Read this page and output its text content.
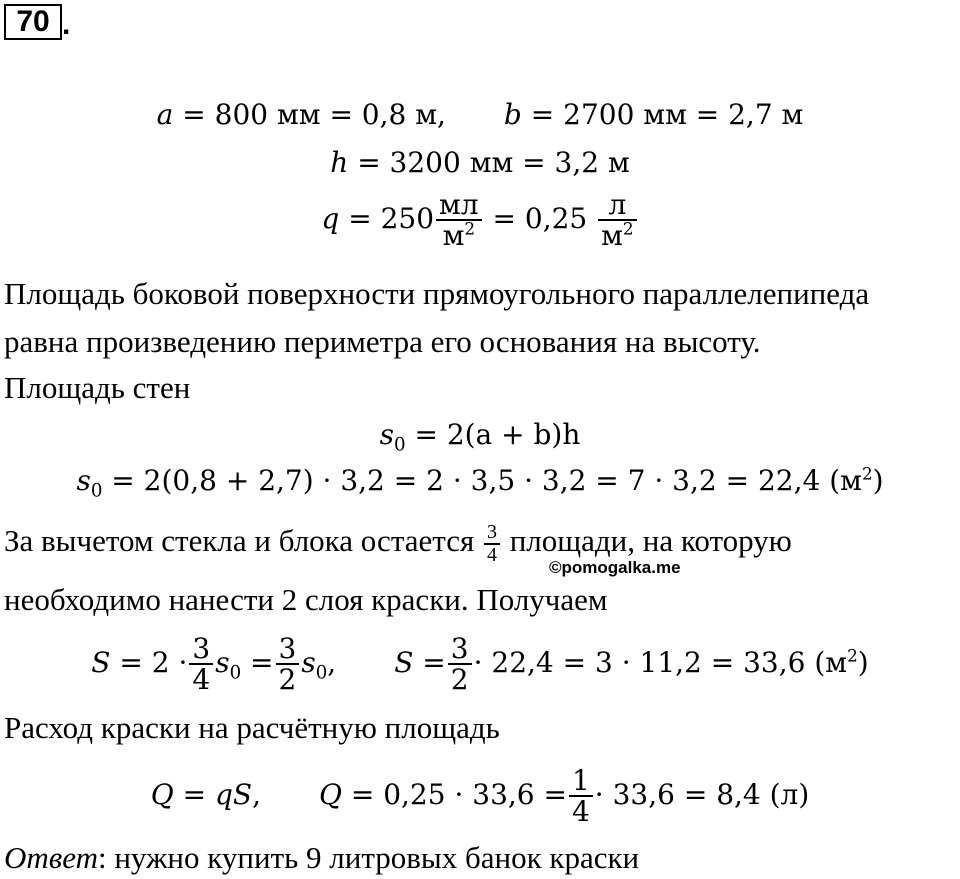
70 .
a = 800 мм = 0,8 м, b = 2700 мм = 2,7 м
h = 3200 мм = 3,2 м
$q = 250 \frac{мл}{м^2} = 0,25 \frac{л}{м^2}$
Площадь боковой поверхности прямоугольного параллелепипеда
равна произведению периметра его основания на высоту.
Площадь стен
$s_0 = 2(a + b)h$
$s_0 = 2(0,8 + 2,7) \cdot 3,2 = 2 \cdot 3,5 \cdot 3,2 = 7 \cdot 3,2 = 22,4$ $(м^2)$
За вычетом стекла и блока остается $\frac{3}{4}$ площади, на которую
©pomogalka.me
необходимо нанести 2 слоя краски. Получаем
$S = 2 \cdot \frac{3}{4} s_0 = \frac{3}{2} s_0$, $S = \frac{3}{2} \cdot 22,4 = 3 \cdot 11,2 = 33,6$ $(м^2)$
Расход краски на расчётную площадь
Q = qS, $Q = 0,25 \cdot 33,6 = \frac{1}{4} \cdot 33,6 = 8,4$ (л)
Ответ: нужно купить 9 литровых банок краски
